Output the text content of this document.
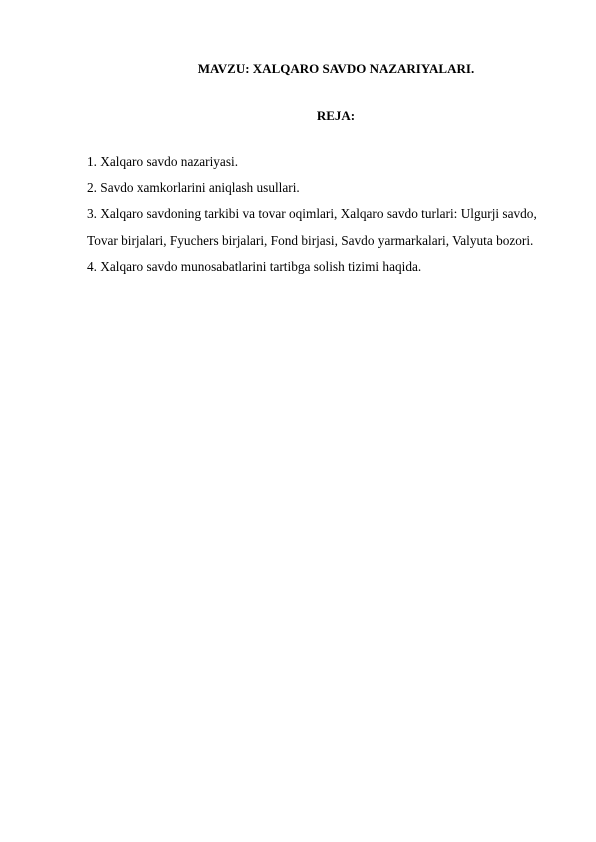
MAVZU: XALQARO SAVDO NAZARIYALARI.
REJA:
1. Xalqaro savdo nazariyasi.
2. Savdo xamkorlarini aniqlash usullari.
3. Xalqaro savdoning tarkibi va tovar oqimlari, Xalqaro savdo turlari: Ulgurji savdo,
Tovar birjalari, Fyuchers birjalari, Fond birjasi, Savdo yarmarkalari, Valyuta bozori.
4. Xalqaro savdo munosabatlarini tartibga solish tizimi haqida.
